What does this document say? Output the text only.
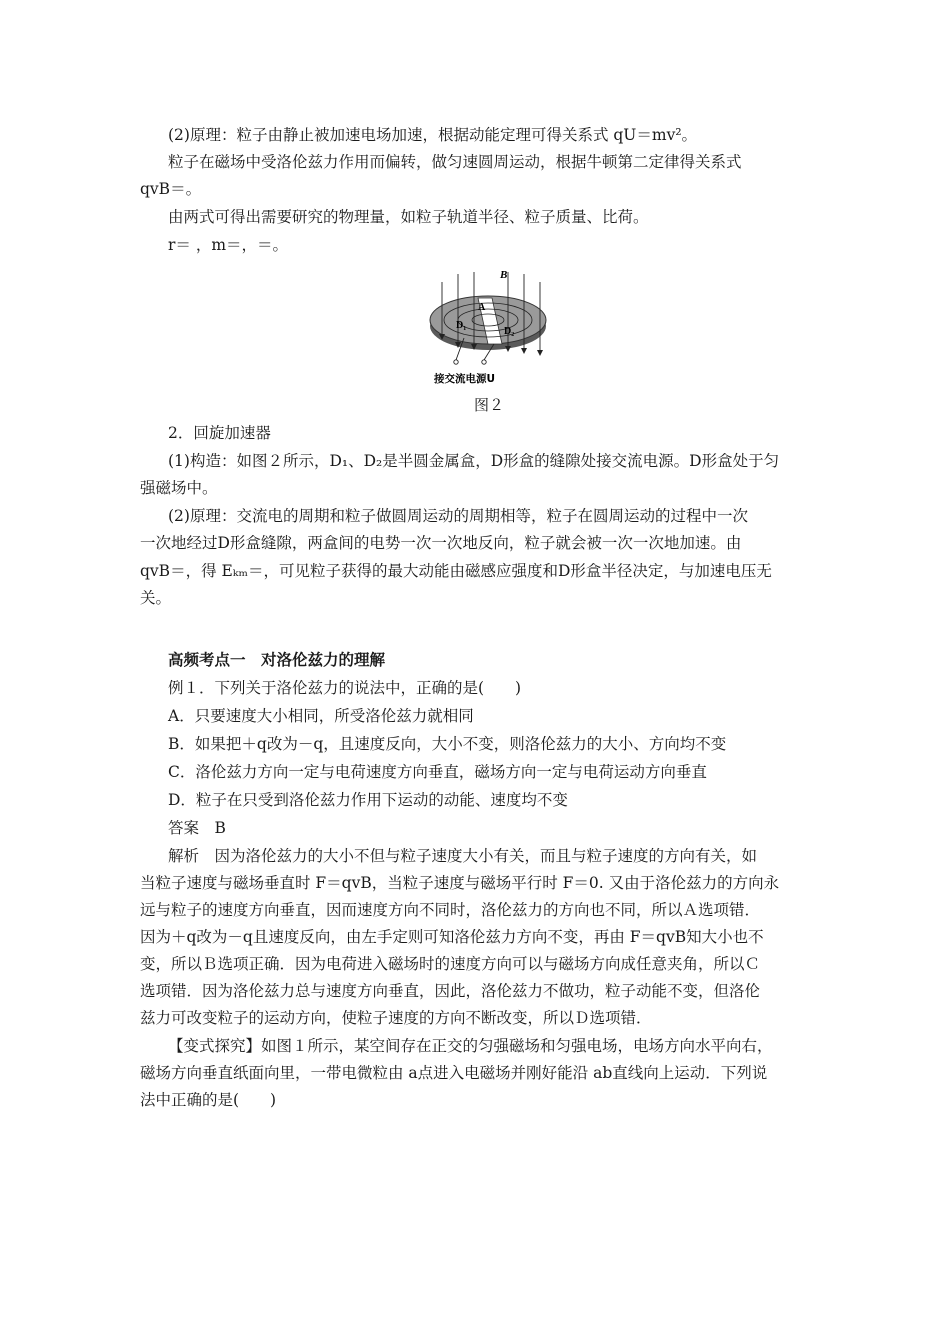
(2)原理：粒子由静止被加速电场加速，根据动能定理可得关系式 qU＝mv²。
粒子在磁场中受洛伦兹力作用而偏转，做匀速圆周运动，根据牛顿第二定律得关系式
qvB＝。
由两式可得出需要研究的物理量，如粒子轨道半径、粒子质量、比荷。
r＝ ，m＝，＝。
B
A
D₁
D₂
接交流电源U
图２
2．回旋加速器
(1)构造：如图２所示，D₁、D₂是半圆金属盒，D形盒的缝隙处接交流电源。D形盒处于匀
强磁场中。
(2)原理：交流电的周期和粒子做圆周运动的周期相等，粒子在圆周运动的过程中一次
一次地经过D形盒缝隙，两盒间的电势一次一次地反向，粒子就会被一次一次地加速。由
qvB＝，得 Eₖₘ＝，可见粒子获得的最大动能由磁感应强度和D形盒半径决定，与加速电压无
关。
高频考点一　对洛伦兹力的理解
例１．下列关于洛伦兹力的说法中，正确的是(　　)
A．只要速度大小相同，所受洛伦兹力就相同
B．如果把＋q改为－q，且速度反向，大小不变，则洛伦兹力的大小、方向均不变
C．洛伦兹力方向一定与电荷速度方向垂直，磁场方向一定与电荷运动方向垂直
D．粒子在只受到洛伦兹力作用下运动的动能、速度均不变
答案　B
解析　因为洛伦兹力的大小不但与粒子速度大小有关，而且与粒子速度的方向有关，如
当粒子速度与磁场垂直时 F＝qvB，当粒子速度与磁场平行时 F＝0. 又由于洛伦兹力的方向永
远与粒子的速度方向垂直，因而速度方向不同时，洛伦兹力的方向也不同，所以Ａ选项错．
因为＋q改为－q且速度反向，由左手定则可知洛伦兹力方向不变，再由 F＝qvB知大小也不
变，所以Ｂ选项正确．因为电荷进入磁场时的速度方向可以与磁场方向成任意夹角，所以Ｃ
选项错．因为洛伦兹力总与速度方向垂直，因此，洛伦兹力不做功，粒子动能不变，但洛伦
兹力可改变粒子的运动方向，使粒子速度的方向不断改变，所以Ｄ选项错．
【变式探究】如图１所示，某空间存在正交的匀强磁场和匀强电场，电场方向水平向右，
磁场方向垂直纸面向里，一带电微粒由 a点进入电磁场并刚好能沿 ab直线向上运动．下列说
法中正确的是(　　)
